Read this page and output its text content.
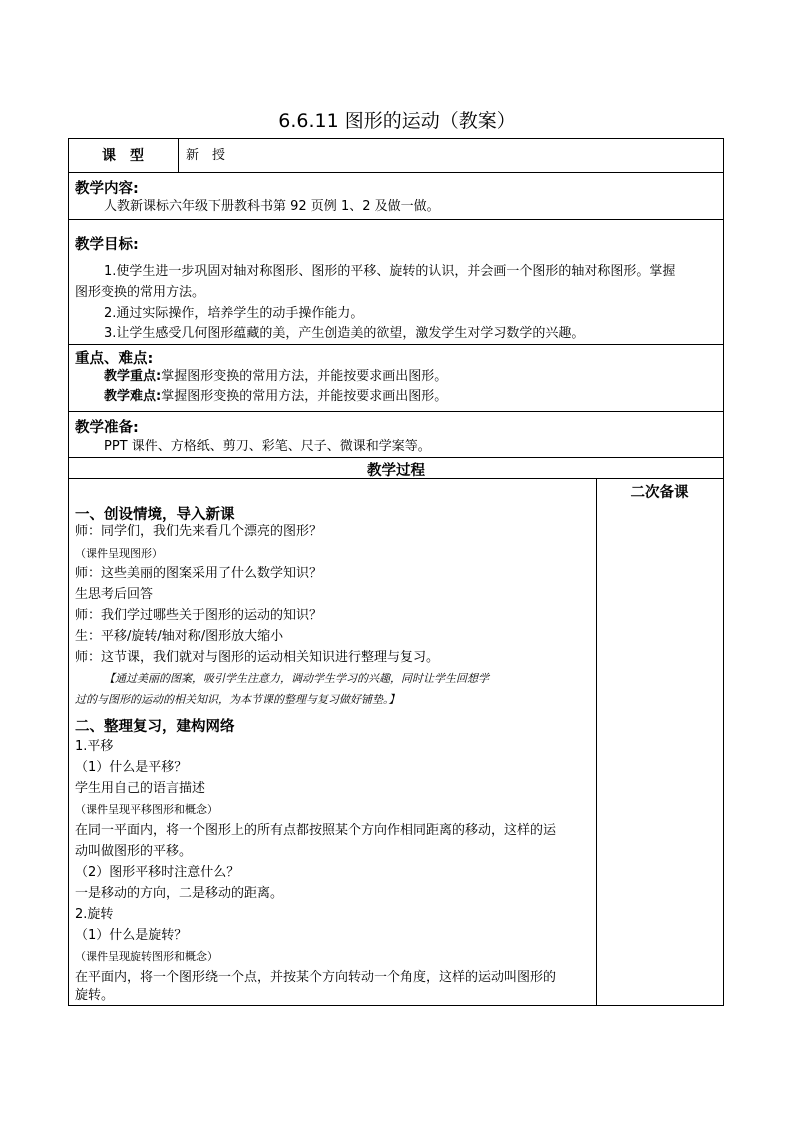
6.6.11 图形的运动（教案）
课　型	新　授
教学内容:
人教新课标六年级下册教科书第 92 页例 1、2 及做一做。
教学目标:
1.使学生进一步巩固对轴对称图形、图形的平移、旋转的认识，并会画一个图形的轴对称图形。掌握
图形变换的常用方法。
2.通过实际操作，培养学生的动手操作能力。
3.让学生感受几何图形蕴藏的美，产生创造美的欲望，激发学生对学习数学的兴趣。
重点、难点:
教学重点:掌握图形变换的常用方法，并能按要求画出图形。
教学难点:掌握图形变换的常用方法，并能按要求画出图形。
教学准备:
PPT 课件、方格纸、剪刀、彩笔、尺子、微课和学案等。
教学过程
二次备课
一、创设情境，导入新课
师：同学们，我们先来看几个漂亮的图形？
（课件呈现图形）
师：这些美丽的图案采用了什么数学知识？
生思考后回答
师：我们学过哪些关于图形的运动的知识？
生：平移/旋转/轴对称/图形放大缩小
师：这节课，我们就对与图形的运动相关知识进行整理与复习。
【通过美丽的图案，吸引学生注意力，调动学生学习的兴趣，同时让学生回想学
过的与图形的运动的相关知识，为本节课的整理与复习做好铺垫。】
二、整理复习，建构网络
1.平移
（1）什么是平移？
学生用自己的语言描述
（课件呈现平移图形和概念）
在同一平面内，将一个图形上的所有点都按照某个方向作相同距离的移动，这样的运
动叫做图形的平移。
（2）图形平移时注意什么？
一是移动的方向，二是移动的距离。
2.旋转
（1）什么是旋转？
（课件呈现旋转图形和概念）
在平面内，将一个图形绕一个点，并按某个方向转动一个角度，这样的运动叫图形的
旋转。
